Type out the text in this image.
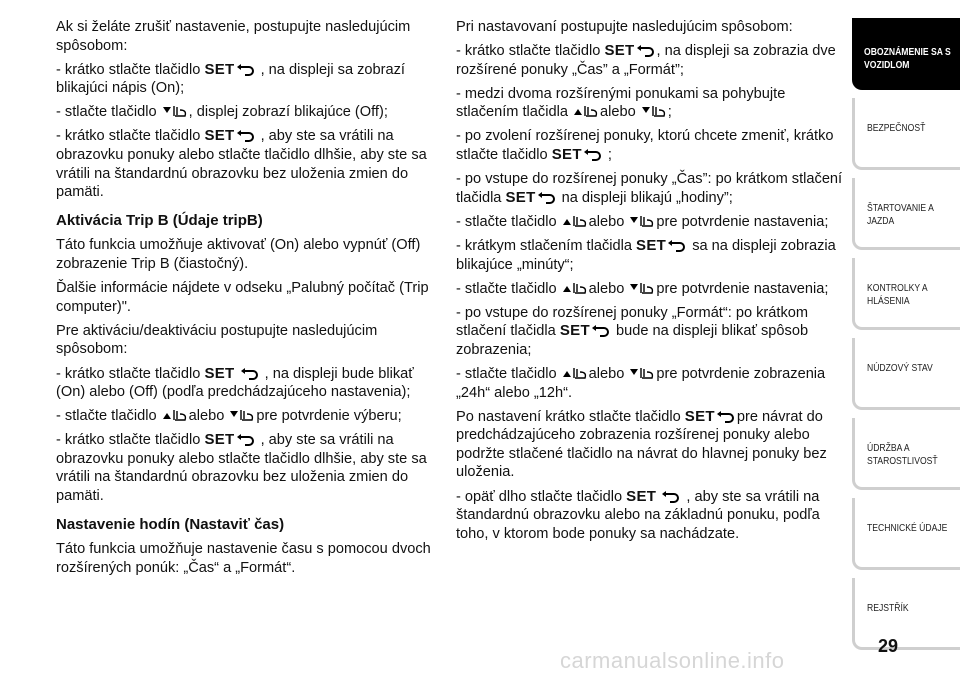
Ak si želáte zrušiť nastavenie, postupujte nasledujúcim spôsobom:

- krátko stlačte tlačidlo SET , na displeji sa zobrazí blikajúci nápis (On);

- stlačte tlačidlo , displej zobrazí blikajúce (Off);

- krátko stlačte tlačidlo SET , aby ste sa vrátili na obrazovku ponuky alebo stlačte tlačidlo dlhšie, aby ste sa vrátili na štandardnú obrazovku bez uloženia zmien do pamäti.

Aktivácia Trip B (Údaje tripB)

Táto funkcia umožňuje aktivovať (On) alebo vypnúť (Off) zobrazenie Trip B (čiastočný).

Ďalšie informácie nájdete v odseku „Palubný počítač (Trip computer)".

Pre aktiváciu/deaktiváciu postupujte nasledujúcim spôsobom:

- krátko stlačte tlačidlo SET , na displeji bude blikať (On) alebo (Off) (podľa predchádzajúceho nastavenia);

- stlačte tlačidlo alebo pre potvrdenie výberu;

- krátko stlačte tlačidlo SET , aby ste sa vrátili na obrazovku ponuky alebo stlačte tlačidlo dlhšie, aby ste sa vrátili na štandardnú obrazovku bez uloženia zmien do pamäti.

Nastavenie hodín (Nastaviť čas)

Táto funkcia umožňuje nastavenie času s pomocou dvoch rozšírených ponúk: „Čas“ a „Formát“.

Pri nastavovaní postupujte nasledujúcim spôsobom:

- krátko stlačte tlačidlo SET , na displeji sa zobrazia dve rozšírené ponuky „Čas” a „Formát”;

- medzi dvoma rozšírenými ponukami sa pohybujte stlačením tlačidla alebo ;

- po zvolení rozšírenej ponuky, ktorú chcete zmeniť, krátko stlačte tlačidlo SET ;

- po vstupe do rozšírenej ponuky „Čas”: po krátkom stlačení tlačidla SET na displeji blikajú „hodiny”;

- stlačte tlačidlo alebo pre potvrdenie nastavenia;

- krátkym stlačením tlačidla SET sa na displeji zobrazia blikajúce „minúty“;

- stlačte tlačidlo alebo pre potvrdenie nastavenia;

- po vstupe do rozšírenej ponuky „Formát“: po krátkom stlačení tlačidla SET bude na displeji blikať spôsob zobrazenia;

- stlačte tlačidlo alebo pre potvrdenie zobrazenia „24h“ alebo „12h“.

Po nastavení krátko stlačte tlačidlo SET pre návrat do predchádzajúceho zobrazenia rozšírenej ponuky alebo podržte stlačené tlačidlo na návrat do hlavnej ponuky bez uloženia.

- opäť dlho stlačte tlačidlo SET , aby ste sa vrátili na štandardnú obrazovku alebo na základnú ponuku, podľa toho, v ktorom bode ponuky sa nachádzate.

OBOZNÁMENIE SA S VOZIDLOM
BEZPEČNOSŤ
ŠTARTOVANIE A JAZDA
KONTROLKY A HLÁSENIA
NÚDZOVÝ STAV
ÚDRŽBA A STAROSTLIVOSŤ
TECHNICKÉ ÚDAJE
REJSTŘÍK
29
carmanualsonline.info
